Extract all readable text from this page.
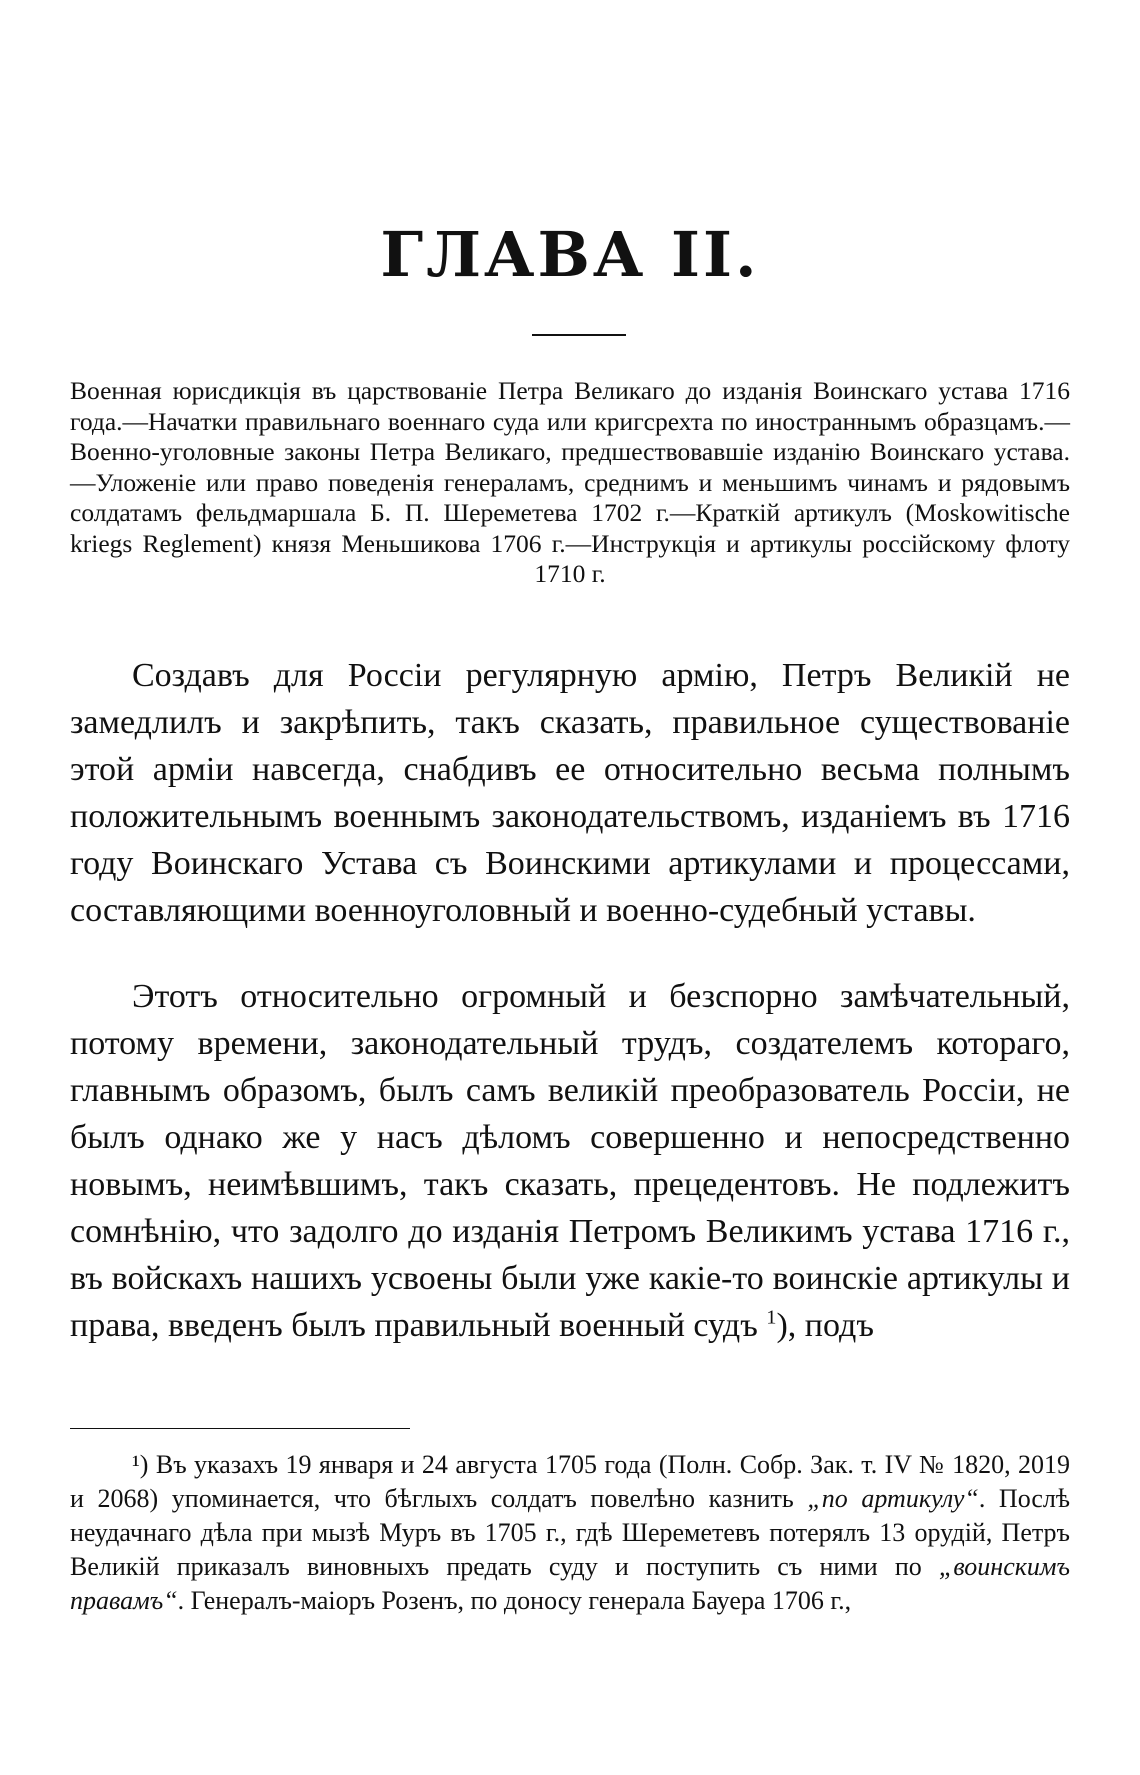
ГЛАВА II.
Военная юрисдикція въ царствованіе Петра Великаго до изданія Воинскаго устава 1716 года.—Начатки правильнаго военнаго суда или кригсрехта по иностраннымъ образцамъ.—Военно-уголовные законы Петра Великаго, предшествовавшіе изданію Воинскаго устава.—Уложеніе или право поведенія генераламъ, среднимъ и меньшимъ чинамъ и рядовымъ солдатамъ фельдмаршала Б. П. Шереметева 1702 г.—Краткій артикулъ (Moskowitische kriegs Reglement) князя Меньшикова 1706 г.—Инструкція и артикулы россійскому флоту 1710 г.

Создавъ для Россіи регулярную армію, Петръ Великій не замедлилъ и закрѣпить, такъ сказать, правильное существованіе этой арміи навсегда, снабдивъ ее относительно весьма полнымъ положительнымъ военнымъ законодательствомъ, изданіемъ въ 1716 году Воинскаго Устава съ Воинскими артикулами и процессами, составляющими военноуголовный и военно-судебный уставы.

Этотъ относительно огромный и безспорно замѣчательный, потому времени, законодательный трудъ, создателемъ котораго, главнымъ образомъ, былъ самъ великій преобразователь Россіи, не былъ однако же у насъ дѣломъ совершенно и непосредственно новымъ, неимѣвшимъ, такъ сказать, прецедентовъ. Не подлежитъ сомнѣнію, что задолго до изданія Петромъ Великимъ устава 1716 г., въ войскахъ нашихъ усвоены были уже какіе-то воинскіе артикулы и права, введенъ былъ правильный военный судъ $^1$), подъ

¹) Въ указахъ 19 января и 24 августа 1705 года (Полн. Собр. Зак. т. IV № 1820, 2019 и 2068) упоминается, что бѣглыхъ солдатъ повелѣно казнить „по артикулу“. Послѣ неудачнаго дѣла при мызѣ Муръ въ 1705 г., гдѣ Шереметевъ потерялъ 13 орудій, Петръ Великій приказалъ виновныхъ предать суду и поступить съ ними по „воинскимъ правамъ“. Генералъ-маіоръ Розенъ, по доносу генерала Бауера 1706 г.,
